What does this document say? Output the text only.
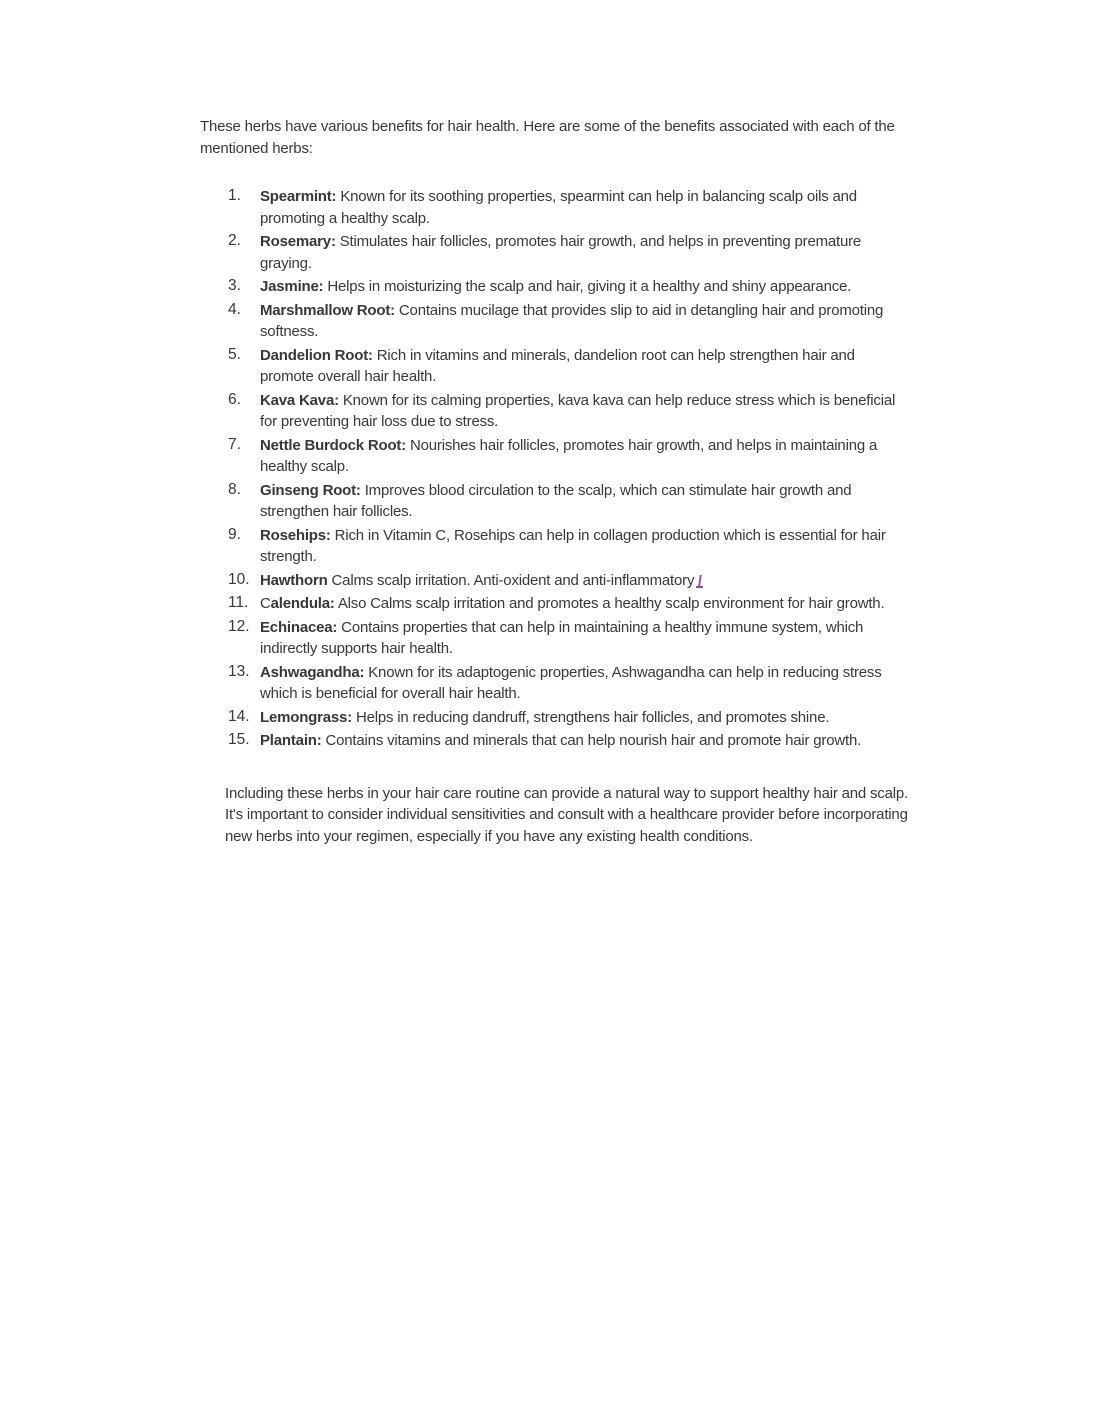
These herbs have various benefits for hair health. Here are some of the benefits associated with each of the mentioned herbs:

1. Spearmint: Known for its soothing properties, spearmint can help in balancing scalp oils and promoting a healthy scalp.
2. Rosemary: Stimulates hair follicles, promotes hair growth, and helps in preventing premature graying.
3. Jasmine: Helps in moisturizing the scalp and hair, giving it a healthy and shiny appearance.
4. Marshmallow Root: Contains mucilage that provides slip to aid in detangling hair and promoting softness.
5. Dandelion Root: Rich in vitamins and minerals, dandelion root can help strengthen hair and promote overall hair health.
6. Kava Kava: Known for its calming properties, kava kava can help reduce stress which is beneficial for preventing hair loss due to stress.
7. Nettle Burdock Root: Nourishes hair follicles, promotes hair growth, and helps in maintaining a healthy scalp.
8. Ginseng Root: Improves blood circulation to the scalp, which can stimulate hair growth and strengthen hair follicles.
9. Rosehips: Rich in Vitamin C, Rosehips can help in collagen production which is essential for hair strength.
10. Hawthorn Calms scalp irritation. Anti-oxident and anti-inflammatory
11. Calendula: Also Calms scalp irritation and promotes a healthy scalp environment for hair growth.
12. Echinacea: Contains properties that can help in maintaining a healthy immune system, which indirectly supports hair health.
13. Ashwagandha: Known for its adaptogenic properties, Ashwagandha can help in reducing stress which is beneficial for overall hair health.
14. Lemongrass: Helps in reducing dandruff, strengthens hair follicles, and promotes shine.
15. Plantain: Contains vitamins and minerals that can help nourish hair and promote hair growth.

Including these herbs in your hair care routine can provide a natural way to support healthy hair and scalp. It's important to consider individual sensitivities and consult with a healthcare provider before incorporating new herbs into your regimen, especially if you have any existing health conditions.
